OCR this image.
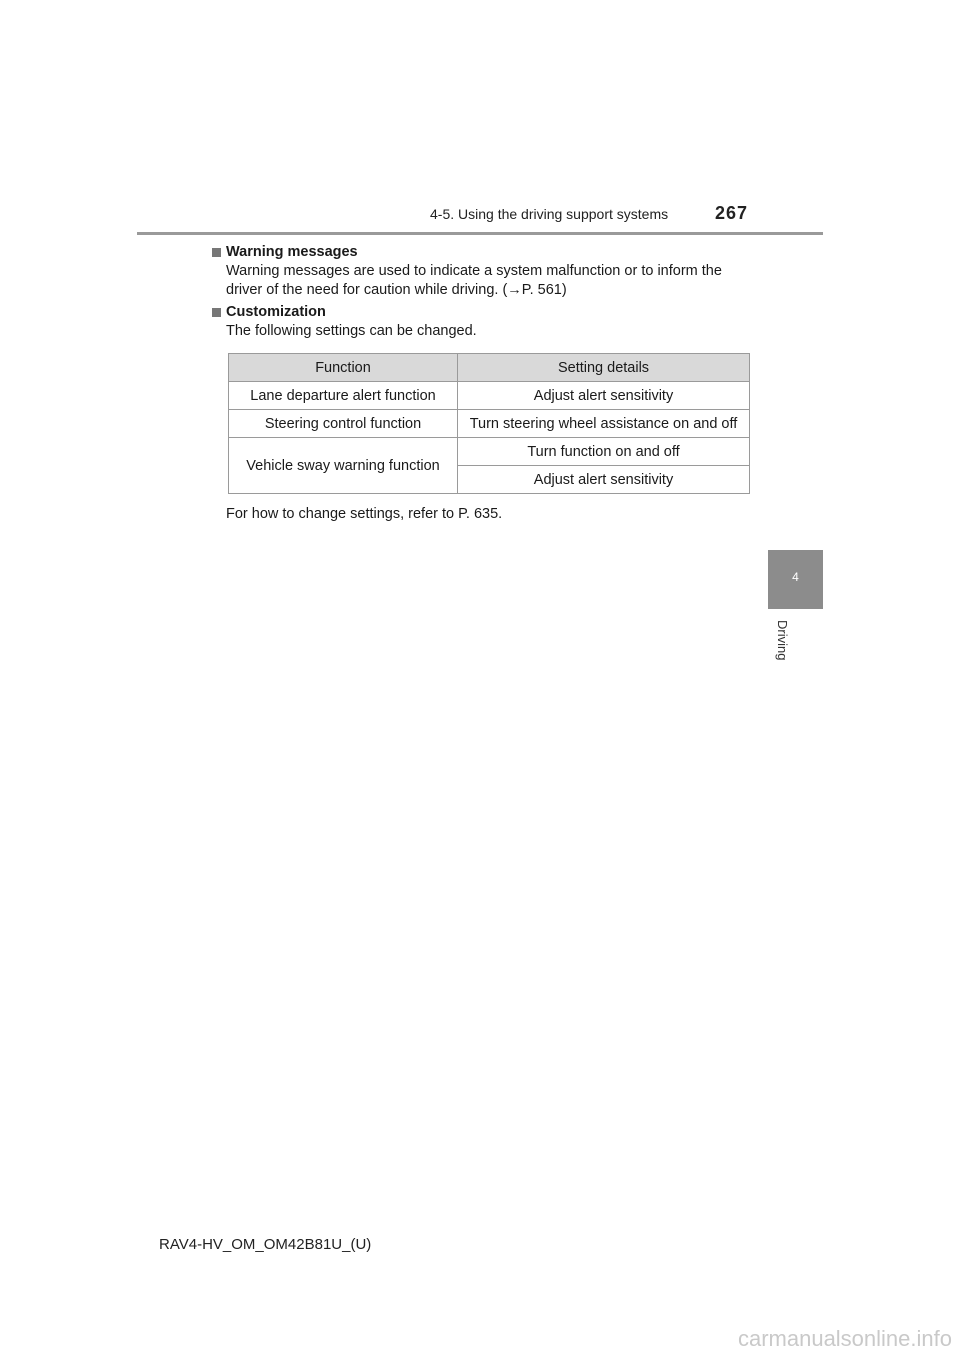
4-5. Using the driving support systems	267
4
Driving
Warning messages
Warning messages are used to indicate a system malfunction or to inform the
driver of the need for caution while driving. (→P. 561)
Customization
The following settings can be changed.
Function	Setting details
Lane departure alert function	Adjust alert sensitivity
Steering control function	Turn steering wheel assistance on and off
Vehicle sway warning function	Turn function on and off
	Adjust alert sensitivity
For how to change settings, refer to P. 635.
RAV4-HV_OM_OM42B81U_(U)
carmanualsonline.info
